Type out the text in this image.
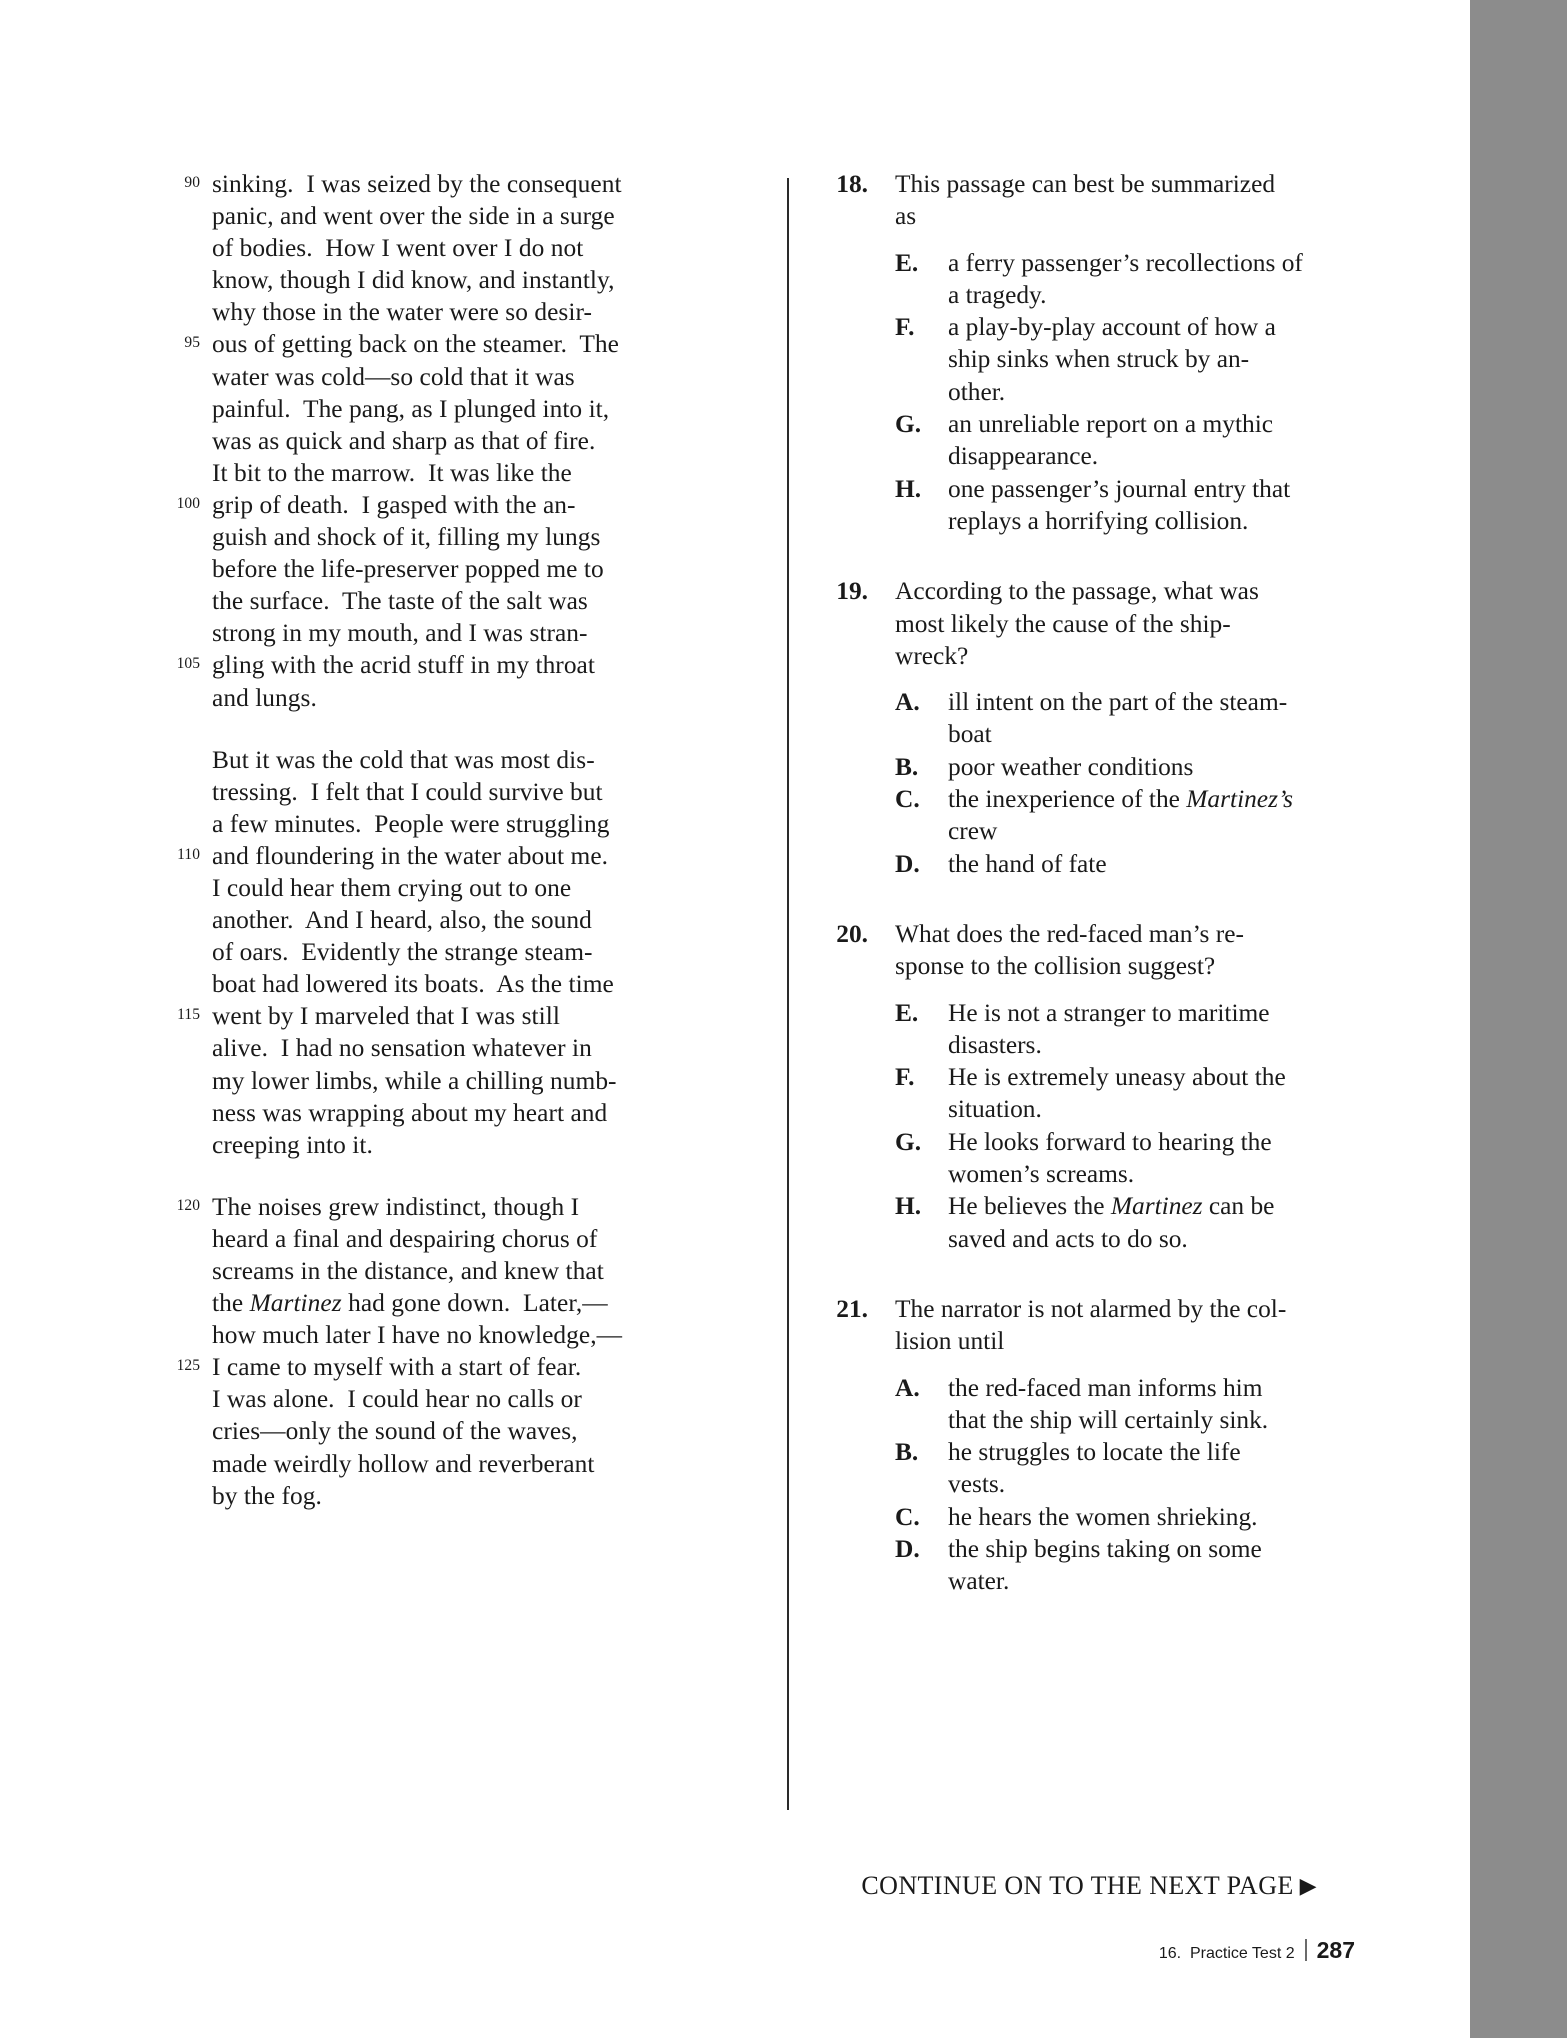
90 sinking.  I was seized by the consequent
panic, and went over the side in a surge
of bodies.  How I went over I do not
know, though I did know, and instantly,
why those in the water were so desir-
95 ous of getting back on the steamer.  The
water was cold—so cold that it was
painful.  The pang, as I plunged into it,
was as quick and sharp as that of fire.
It bit to the marrow.  It was like the
100 grip of death.  I gasped with the an-
guish and shock of it, filling my lungs
before the life-preserver popped me to
the surface.  The taste of the salt was
strong in my mouth, and I was stran-
105 gling with the acrid stuff in my throat
and lungs.
But it was the cold that was most dis-
tressing.  I felt that I could survive but
a few minutes.  People were struggling
110 and floundering in the water about me.
I could hear them crying out to one
another.  And I heard, also, the sound
of oars.  Evidently the strange steam-
boat had lowered its boats.  As the time
115 went by I marveled that I was still
alive.  I had no sensation whatever in
my lower limbs, while a chilling numb-
ness was wrapping about my heart and
creeping into it.
120 The noises grew indistinct, though I
heard a final and despairing chorus of
screams in the distance, and knew that
the Martinez had gone down.  Later,—
how much later I have no knowledge,—
125 I came to myself with a start of fear.
I was alone.  I could hear no calls or
cries—only the sound of the waves,
made weirdly hollow and reverberant
by the fog.
18. This passage can best be summarized
as
E.	a ferry passenger’s recollections of
a tragedy.
F.	a play-by-play account of how a
ship sinks when struck by an-
other.
G.	an unreliable report on a mythic
disappearance.
H.	one passenger’s journal entry that
replays a horrifying collision.
19. According to the passage, what was
most likely the cause of the ship-
wreck?
A.	ill intent on the part of the steam-
boat
B.	poor weather conditions
C.	the inexperience of the Martinez’s
crew
D.	the hand of fate
20. What does the red-faced man’s re-
sponse to the collision suggest?
E.	He is not a stranger to maritime
disasters.
F.	He is extremely uneasy about the
situation.
G.	He looks forward to hearing the
women’s screams.
H.	He believes the Martinez can be
saved and acts to do so.
21. The narrator is not alarmed by the col-
lision until
A.	the red-faced man informs him
that the ship will certainly sink.
B.	he struggles to locate the life
vests.
C.	he hears the women shrieking.
D.	the ship begins taking on some
water.

CONTINUE ON TO THE NEXT PAGE ▶

16.  Practice Test 2 287
